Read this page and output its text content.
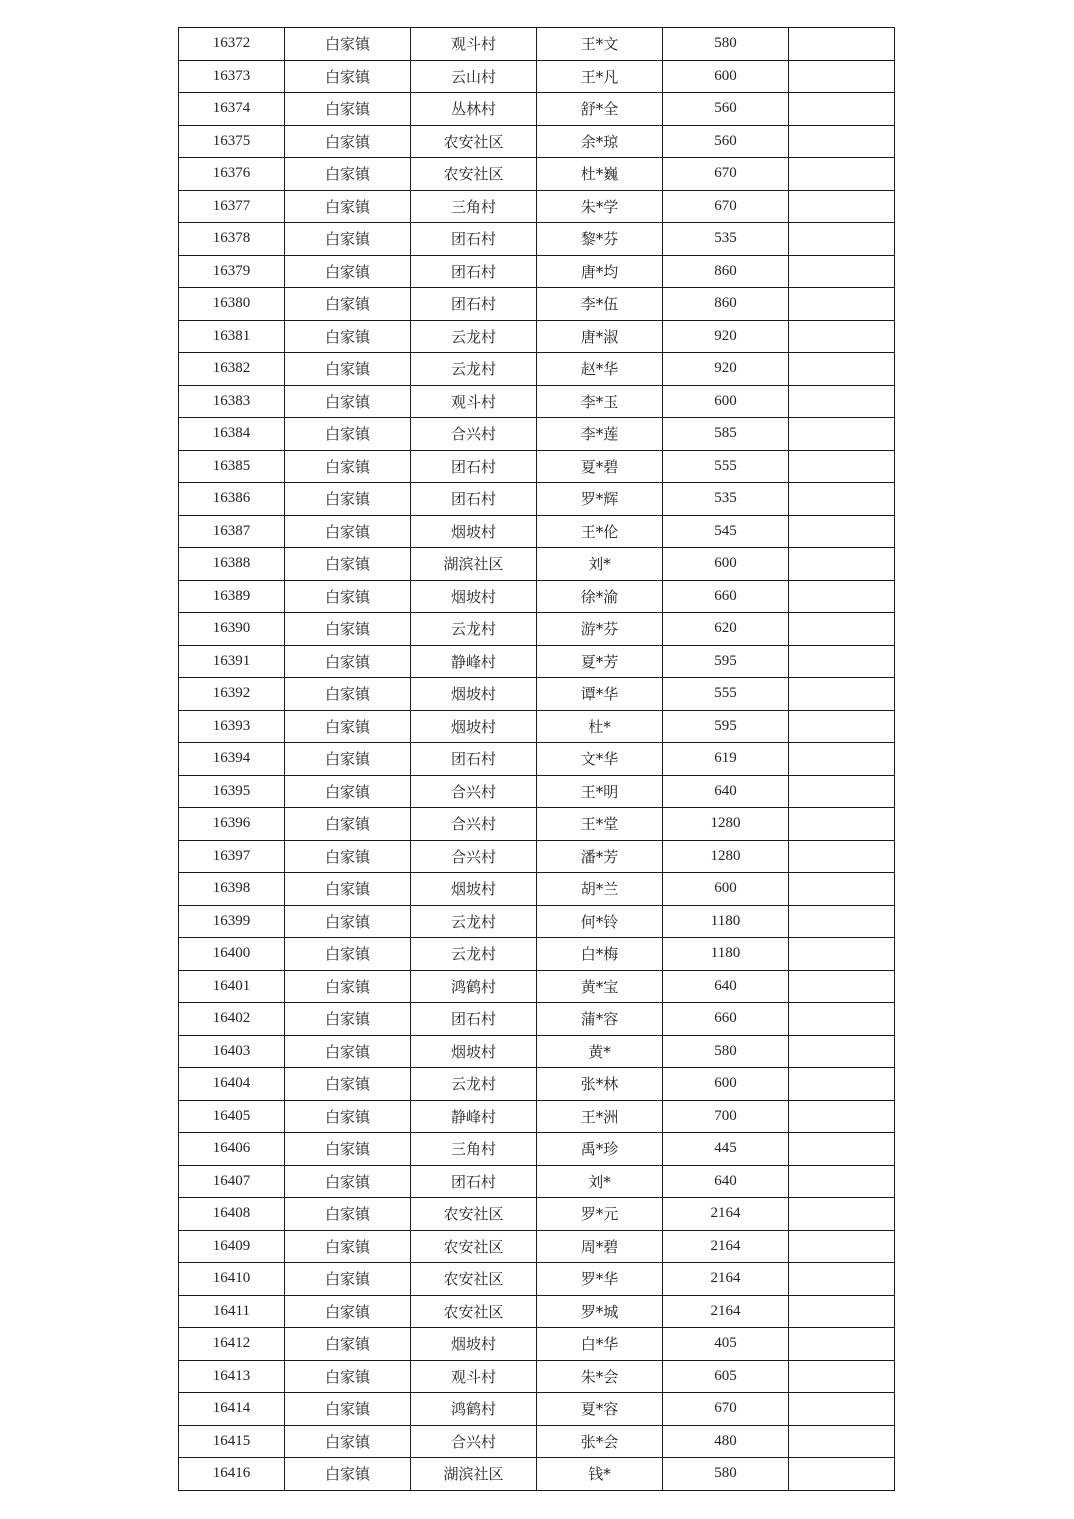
16372	白家镇	观斗村	王*文	580	
16373	白家镇	云山村	王*凡	600	
16374	白家镇	丛林村	舒*全	560	
16375	白家镇	农安社区	余*琼	560	
16376	白家镇	农安社区	杜*巍	670	
16377	白家镇	三角村	朱*学	670	
16378	白家镇	团石村	黎*芬	535	
16379	白家镇	团石村	唐*均	860	
16380	白家镇	团石村	李*伍	860	
16381	白家镇	云龙村	唐*淑	920	
16382	白家镇	云龙村	赵*华	920	
16383	白家镇	观斗村	李*玉	600	
16384	白家镇	合兴村	李*莲	585	
16385	白家镇	团石村	夏*碧	555	
16386	白家镇	团石村	罗*辉	535	
16387	白家镇	烟坡村	王*伦	545	
16388	白家镇	湖滨社区	刘*	600	
16389	白家镇	烟坡村	徐*渝	660	
16390	白家镇	云龙村	游*芬	620	
16391	白家镇	静峰村	夏*芳	595	
16392	白家镇	烟坡村	谭*华	555	
16393	白家镇	烟坡村	杜*	595	
16394	白家镇	团石村	文*华	619	
16395	白家镇	合兴村	王*明	640	
16396	白家镇	合兴村	王*堂	1280	
16397	白家镇	合兴村	潘*芳	1280	
16398	白家镇	烟坡村	胡*兰	600	
16399	白家镇	云龙村	何*铃	1180	
16400	白家镇	云龙村	白*梅	1180	
16401	白家镇	鸿鹤村	黄*宝	640	
16402	白家镇	团石村	蒲*容	660	
16403	白家镇	烟坡村	黄*	580	
16404	白家镇	云龙村	张*林	600	
16405	白家镇	静峰村	王*洲	700	
16406	白家镇	三角村	禹*珍	445	
16407	白家镇	团石村	刘*	640	
16408	白家镇	农安社区	罗*元	2164	
16409	白家镇	农安社区	周*碧	2164	
16410	白家镇	农安社区	罗*华	2164	
16411	白家镇	农安社区	罗*城	2164	
16412	白家镇	烟坡村	白*华	405	
16413	白家镇	观斗村	朱*会	605	
16414	白家镇	鸿鹤村	夏*容	670	
16415	白家镇	合兴村	张*会	480	
16416	白家镇	湖滨社区	钱*	580	
